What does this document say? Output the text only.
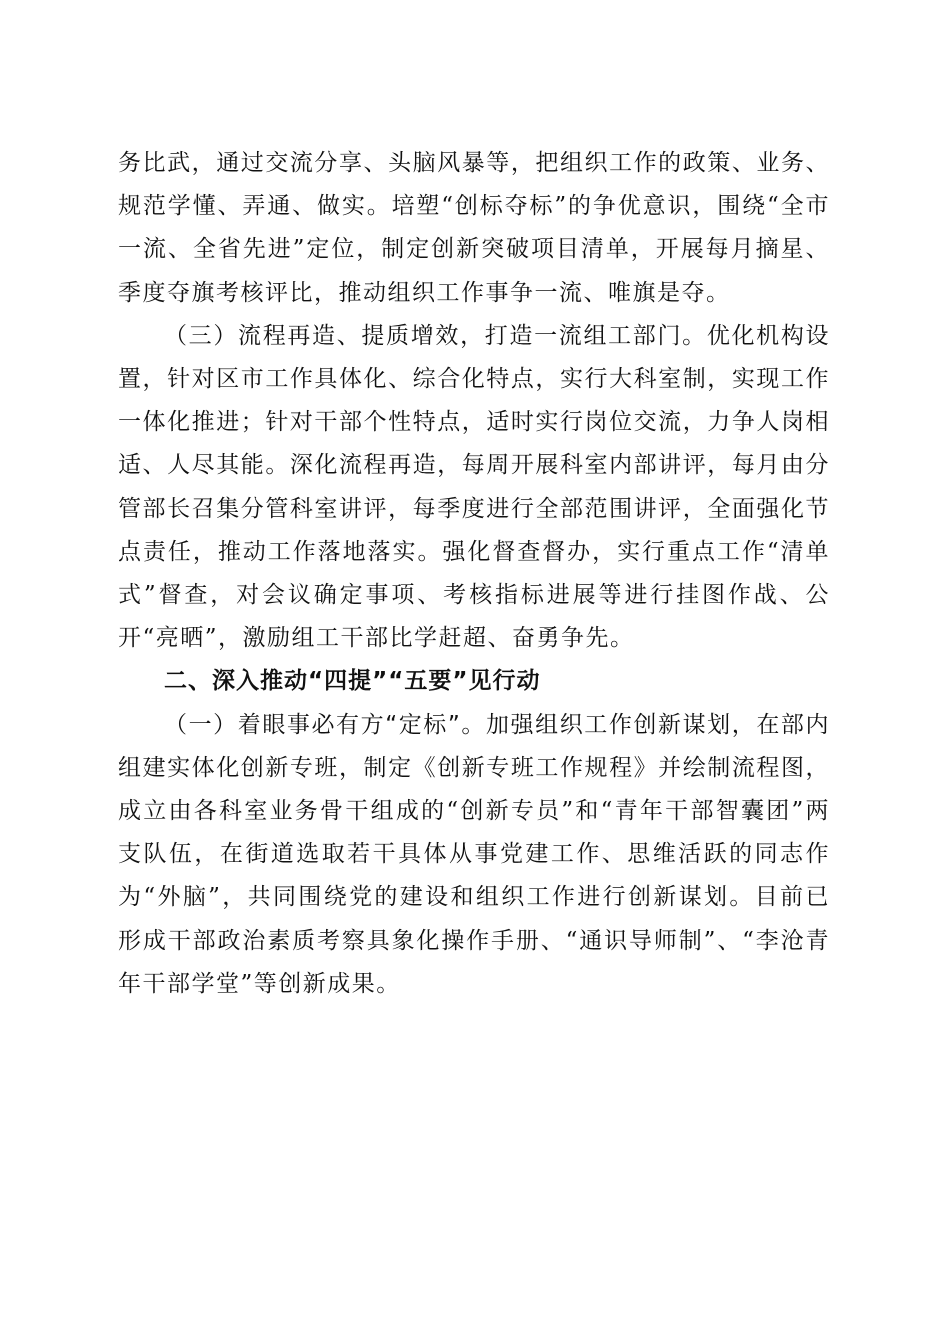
务比武，通过交流分享、头脑风暴等，把组织工作的政策、业务、规范学懂、弄通、做实。培塑“创标夺标”的争优意识，围绕“全市一流、全省先进”定位，制定创新突破项目清单，开展每月摘星、季度夺旗考核评比，推动组织工作事争一流、唯旗是夺。

（三）流程再造、提质增效，打造一流组工部门。优化机构设置，针对区市工作具体化、综合化特点，实行大科室制，实现工作一体化推进；针对干部个性特点，适时实行岗位交流，力争人岗相适、人尽其能。深化流程再造，每周开展科室内部讲评，每月由分管部长召集分管科室讲评，每季度进行全部范围讲评，全面强化节点责任，推动工作落地落实。强化督查督办，实行重点工作“清单式”督查，对会议确定事项、考核指标进展等进行挂图作战、公开“亮晒”，激励组工干部比学赶超、奋勇争先。

二、深入推动“四提”“五要”见行动

（一）着眼事必有方“定标”。加强组织工作创新谋划，在部内组建实体化创新专班，制定《创新专班工作规程》并绘制流程图，成立由各科室业务骨干组成的“创新专员”和“青年干部智囊团”两支队伍，在街道选取若干具体从事党建工作、思维活跃的同志作为“外脑”，共同围绕党的建设和组织工作进行创新谋划。目前已形成干部政治素质考察具象化操作手册、“通识导师制”、“李沧青年干部学堂”等创新成果。
